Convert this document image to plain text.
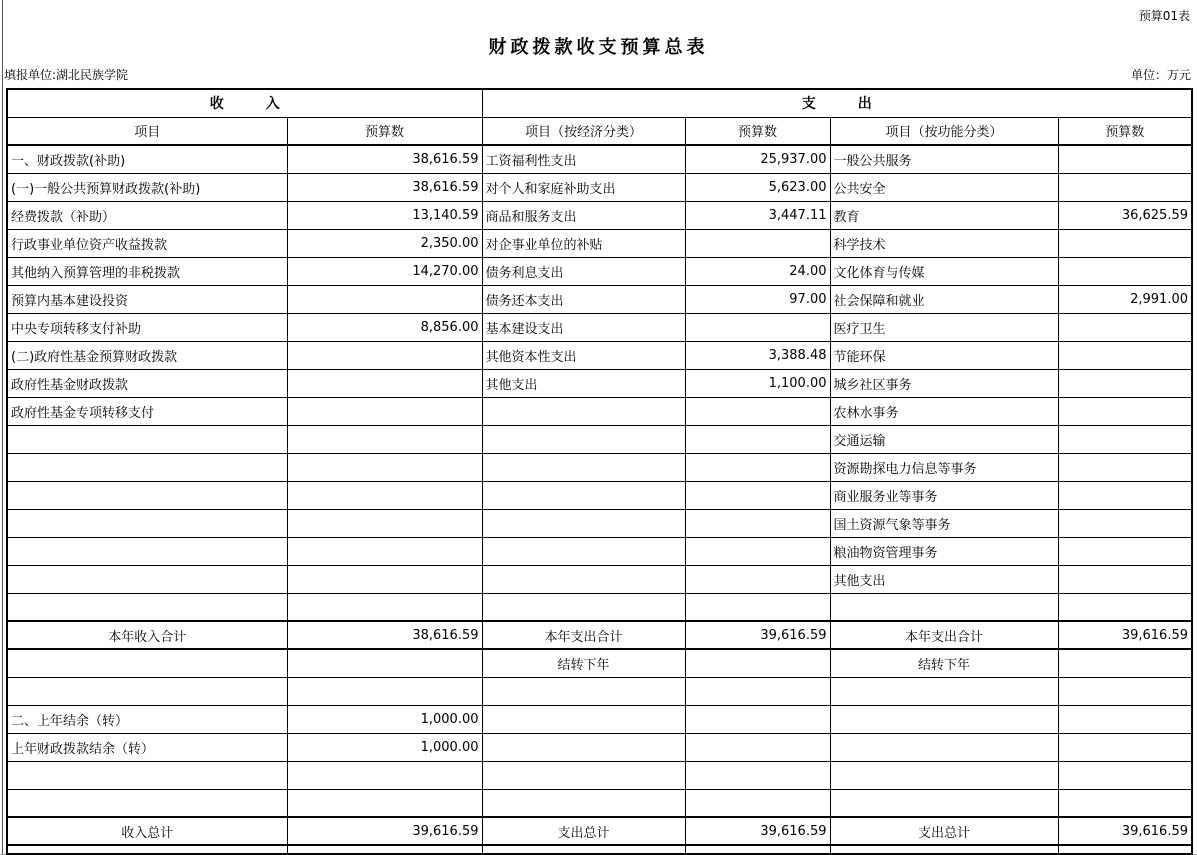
预算01表
财政拨款收支预算总表
填报单位:湖北民族学院	单位：万元
收　　　入		支　　　出			
项目	预算数	项目（按经济分类）	预算数	项目（按功能分类）	预算数
一、财政拨款(补助)	38,616.59	工资福利性支出	25,937.00	一般公共服务	
(一)一般公共预算财政拨款(补助)	38,616.59	对个人和家庭补助支出	5,623.00	公共安全	
经费拨款（补助）	13,140.59	商品和服务支出	3,447.11	教育	36,625.59
行政事业单位资产收益拨款	2,350.00	对企事业单位的补贴		科学技术	
其他纳入预算管理的非税拨款	14,270.00	债务利息支出	24.00	文化体育与传媒	
预算内基本建设投资		债务还本支出	97.00	社会保障和就业	2,991.00
中央专项转移支付补助	8,856.00	基本建设支出		医疗卫生	
(二)政府性基金预算财政拨款		其他资本性支出	3,388.48	节能环保	
政府性基金财政拨款		其他支出	1,100.00	城乡社区事务	
政府性基金专项转移支付				农林水事务	
				交通运输	
				资源勘探电力信息等事务	
				商业服务业等事务	
				国土资源气象等事务	
				粮油物资管理事务	
				其他支出	

本年收入合计	38,616.59	本年支出合计	39,616.59	本年支出合计	39,616.59
		结转下年		结转下年	

二、上年结余（转）	1,000.00				
上年财政拨款结余（转）	1,000.00				

收入总计	39,616.59	支出总计	39,616.59	支出总计	39,616.59
